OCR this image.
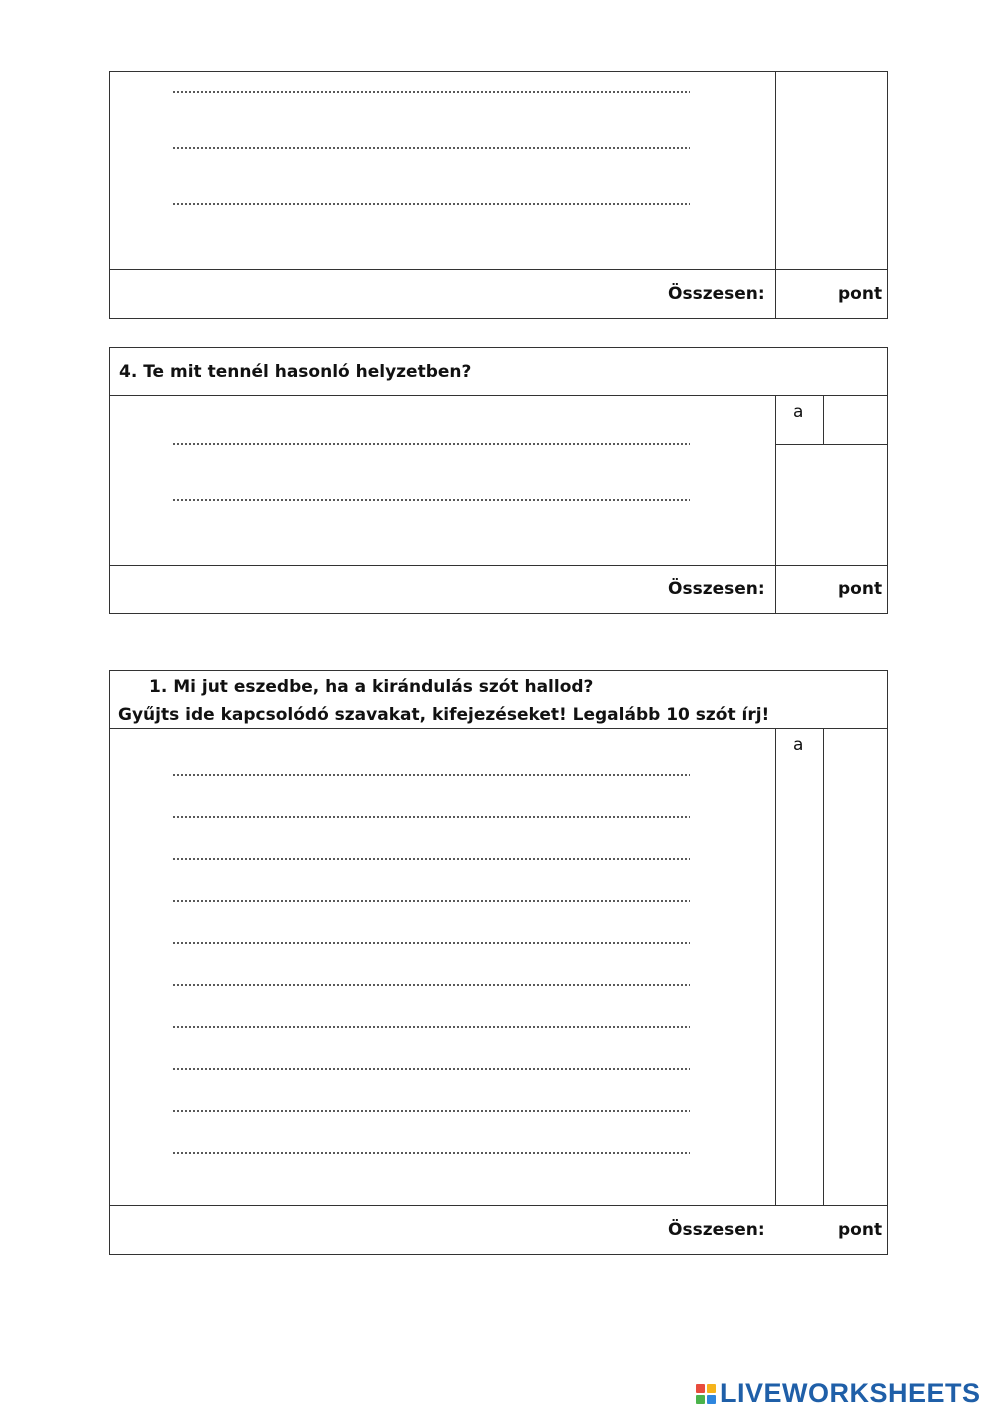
Összesen:	pont
4. Te mit tennél hasonló helyzetben?
a
Összesen:	pont
1. Mi jut eszedbe, ha a kirándulás szót hallod?
Gyűjts ide kapcsolódó szavakat, kifejezéseket! Legalább 10 szót írj!
a
Összesen:	pont
LIVEWORKSHEETS
